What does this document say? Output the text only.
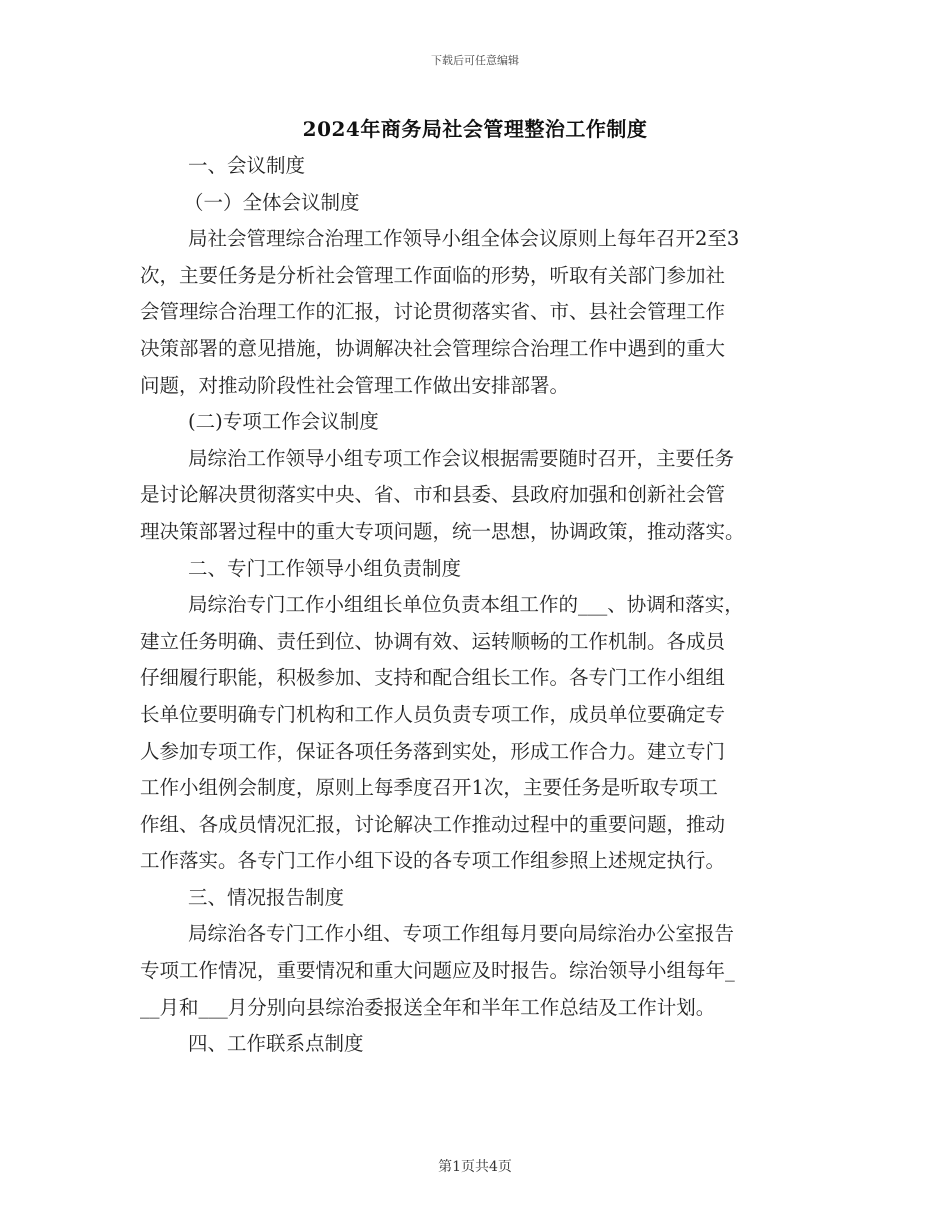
下载后可任意编辑
2024年商务局社会管理整治工作制度
一、会议制度
（一）全体会议制度
局社会管理综合治理工作领导小组全体会议原则上每年召开2至3
次，主要任务是分析社会管理工作面临的形势，听取有关部门参加社
会管理综合治理工作的汇报，讨论贯彻落实省、市、县社会管理工作
决策部署的意见措施，协调解决社会管理综合治理工作中遇到的重大
问题，对推动阶段性社会管理工作做出安排部署。
(二)专项工作会议制度
局综治工作领导小组专项工作会议根据需要随时召开，主要任务
是讨论解决贯彻落实中央、省、市和县委、县政府加强和创新社会管
理决策部署过程中的重大专项问题，统一思想，协调政策，推动落实。
二、专门工作领导小组负责制度
局综治专门工作小组组长单位负责本组工作的___、协调和落实，
建立任务明确、责任到位、协调有效、运转顺畅的工作机制。各成员
仔细履行职能，积极参加、支持和配合组长工作。各专门工作小组组
长单位要明确专门机构和工作人员负责专项工作，成员单位要确定专
人参加专项工作，保证各项任务落到实处，形成工作合力。建立专门
工作小组例会制度，原则上每季度召开1次，主要任务是听取专项工
作组、各成员情况汇报，讨论解决工作推动过程中的重要问题，推动
工作落实。各专门工作小组下设的各专项工作组参照上述规定执行。
三、情况报告制度
局综治各专门工作小组、专项工作组每月要向局综治办公室报告
专项工作情况，重要情况和重大问题应及时报告。综治领导小组每年_
__月和___月分别向县综治委报送全年和半年工作总结及工作计划。
四、工作联系点制度
第1页共4页
